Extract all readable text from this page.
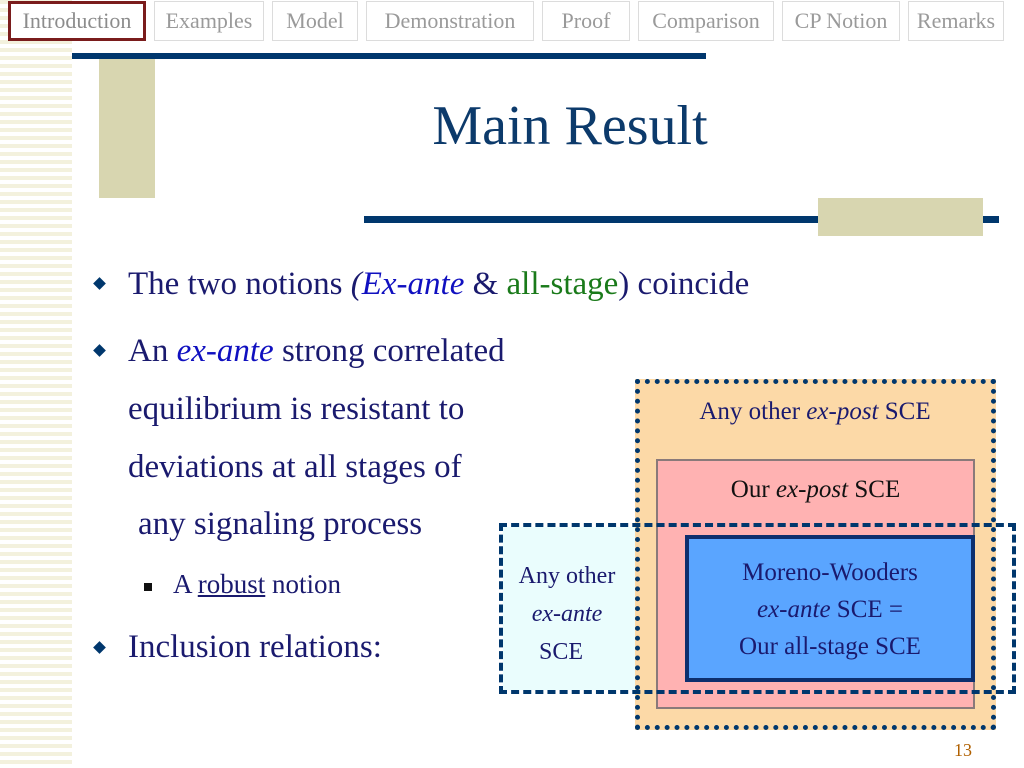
Introduction	Examples	Model	Demonstration	Proof	Comparison	CP Notion	Remarks
Main Result
The two notions (Ex-ante & all-stage) coincide
An ex-ante strong correlated
equilibrium is resistant to
deviations at all stages of
any signaling process
A robust notion
Inclusion relations:
Any other ex-post SCE
Our ex-post SCE
Moreno-Wooders
ex-ante SCE =
Our all-stage SCE
Any other
ex-ante
SCE
13
